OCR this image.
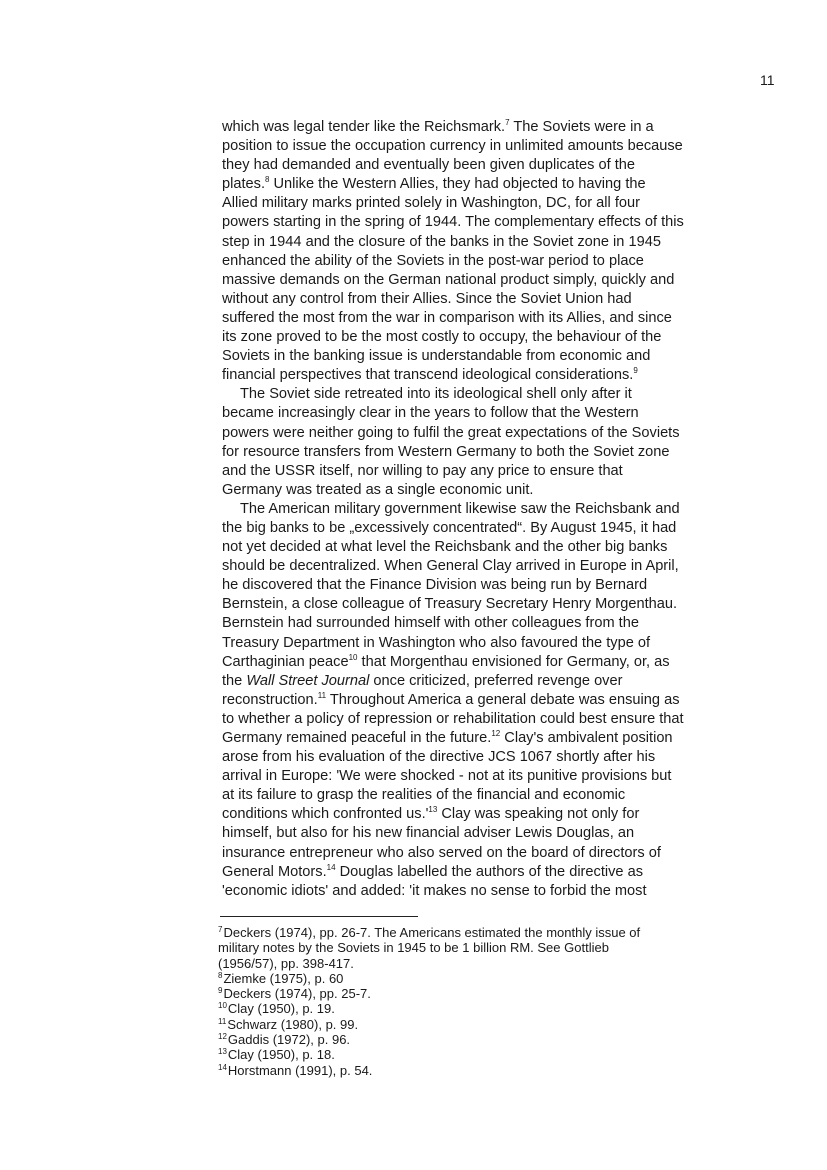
11
which was legal tender like the Reichsmark.$^7$ The Soviets were in a
position to issue the occupation currency in unlimited amounts because
they had demanded and eventually been given duplicates of the
plates.$^8$ Unlike the Western Allies, they had objected to having the
Allied military marks printed solely in Washington, DC, for all four
powers starting in the spring of 1944. The complementary effects of this
step in 1944 and the closure of the banks in the Soviet zone in 1945
enhanced the ability of the Soviets in the post-war period to place
massive demands on the German national product simply, quickly and
without any control from their Allies. Since the Soviet Union had
suffered the most from the war in comparison with its Allies, and since
its zone proved to be the most costly to occupy, the behaviour of the
Soviets in the banking issue is understandable from economic and
financial perspectives that transcend ideological considerations.$^9$
The Soviet side retreated into its ideological shell only after it
became increasingly clear in the years to follow that the Western
powers were neither going to fulfil the great expectations of the Soviets
for resource transfers from Western Germany to both the Soviet zone
and the USSR itself, nor willing to pay any price to ensure that
Germany was treated as a single economic unit.
The American military government likewise saw the Reichsbank and
the big banks to be „excessively concentrated“. By August 1945, it had
not yet decided at what level the Reichsbank and the other big banks
should be decentralized. When General Clay arrived in Europe in April,
he discovered that the Finance Division was being run by Bernard
Bernstein, a close colleague of Treasury Secretary Henry Morgenthau.
Bernstein had surrounded himself with other colleagues from the
Treasury Department in Washington who also favoured the type of
Carthaginian peace$^{10}$ that Morgenthau envisioned for Germany, or, as
the Wall Street Journal once criticized, preferred revenge over
reconstruction.$^{11}$ Throughout America a general debate was ensuing as
to whether a policy of repression or rehabilitation could best ensure that
Germany remained peaceful in the future.$^{12}$ Clay's ambivalent position
arose from his evaluation of the directive JCS 1067 shortly after his
arrival in Europe: 'We were shocked - not at its punitive provisions but
at its failure to grasp the realities of the financial and economic
conditions which confronted $us.'^{13}$ Clay was speaking not only for
himself, but also for his new financial adviser Lewis Douglas, an
insurance entrepreneur who also served on the board of directors of
General Motors.$^{14}$ Douglas labelled the authors of the directive as
'economic idiots' and added: 'it makes no sense to forbid the most
$^7$Deckers (1974), pp. 26-7. The Americans estimated the monthly issue of
military notes by the Soviets in 1945 to be 1 billion RM. See Gottlieb
(1956/57), pp. 398-417.
$^8$Ziemke (1975), p. 60
$^9$Deckers (1974), pp. 25-7.
$^{10}$Clay (1950), p. 19.
$^{11}$Schwarz (1980), p. 99.
$^{12}$Gaddis (1972), p. 96.
$^{13}$Clay (1950), p. 18.
$^{14}$Horstmann (1991), p. 54.
